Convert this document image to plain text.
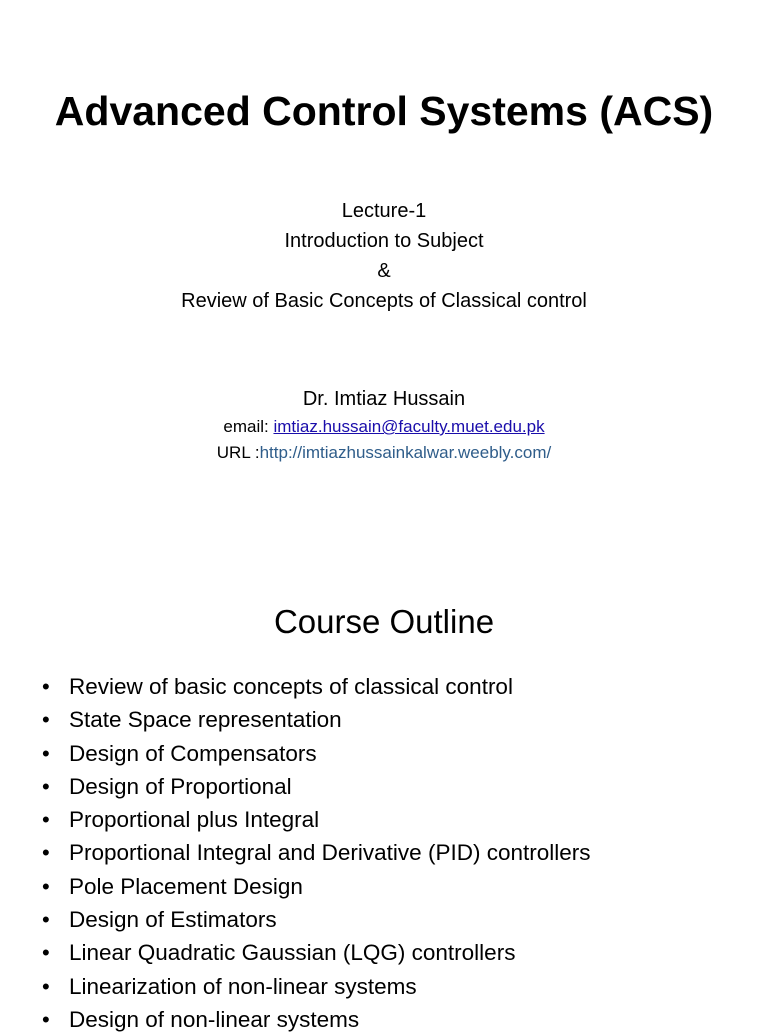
Advanced Control Systems (ACS)
Lecture-1
Introduction to Subject
&
Review of Basic Concepts of Classical control
Dr. Imtiaz Hussain
email: imtiaz.hussain@faculty.muet.edu.pk
URL :http://imtiazhussainkalwar.weebly.com/
Course Outline
• Review of basic concepts of classical control
• State Space representation
• Design of Compensators
• Design of Proportional
• Proportional plus Integral
• Proportional Integral and Derivative (PID) controllers
• Pole Placement Design
• Design of Estimators
• Linear Quadratic Gaussian (LQG) controllers
• Linearization of non-linear systems
• Design of non-linear systems
